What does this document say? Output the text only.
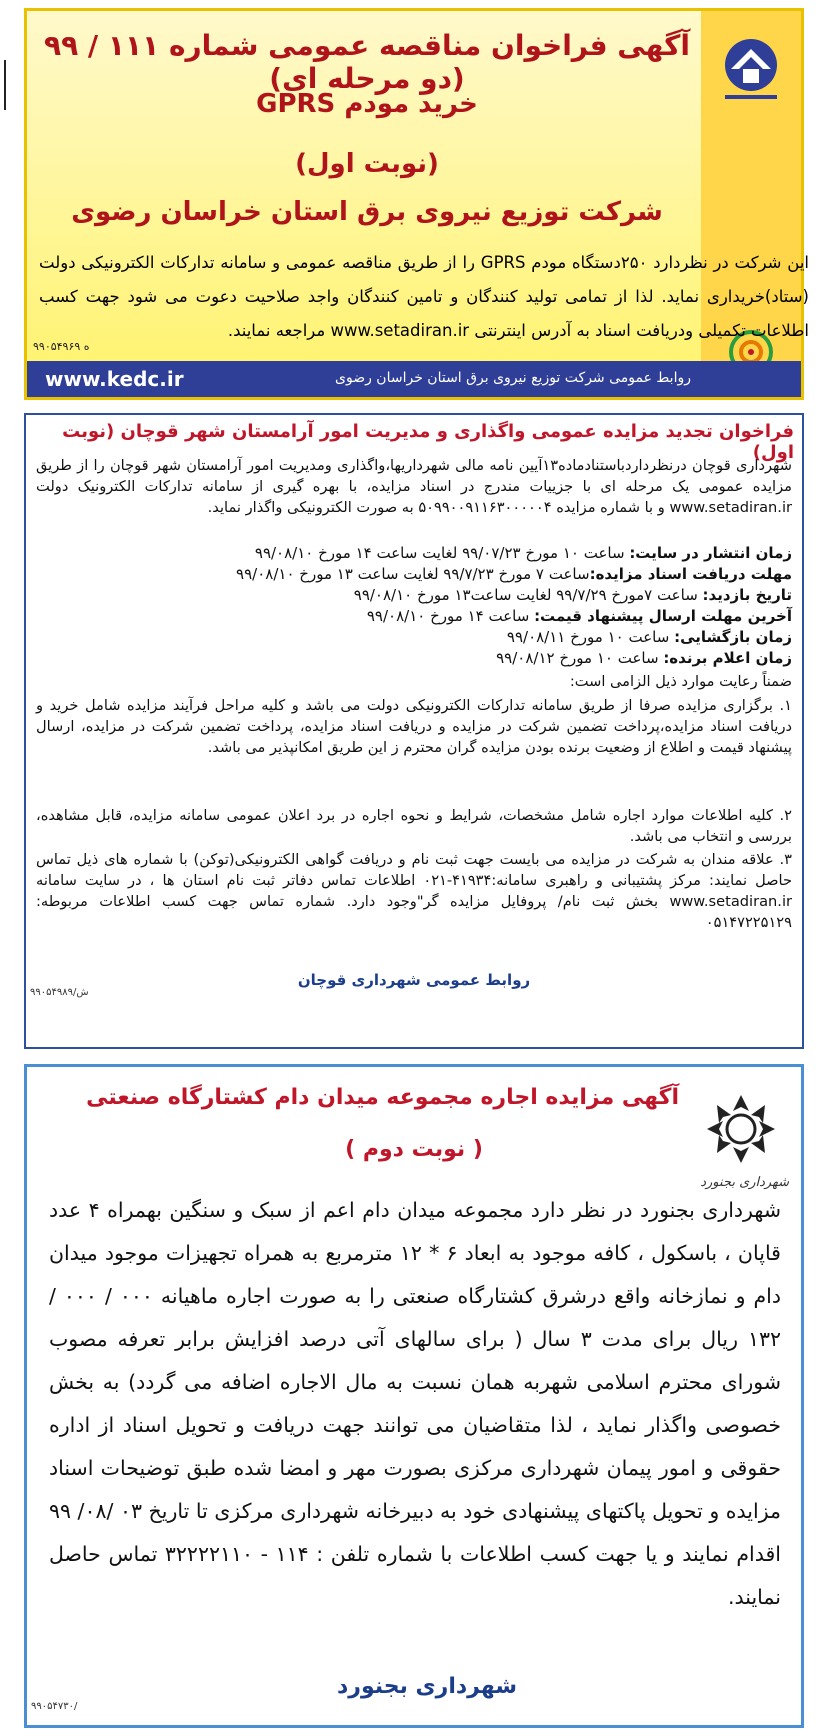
آگهی فراخوان مناقصه عمومی شماره ۱۱۱ / ۹۹ (دو مرحله ای)
خرید مودم GPRS
(نوبت اول)
شرکت توزیع نیروی برق استان خراسان رضوی
این شرکت در نظردارد ۲۵۰دستگاه مودم GPRS را از طریق مناقصه عمومی و سامانه تدارکات الکترونیکی دولت (ستاد)خریداری نماید. لذا از تمامی تولید کنندگان و تامین کنندگان واجد صلاحیت دعوت می شود جهت کسب اطلاعات تکمیلی ودریافت اسناد به آدرس اینترنتی www.setadiran.ir مراجعه نمایند.
۹۹۰۵۴۹۶۹ ه
www.kedc.ir	روابط عمومی شرکت توزیع نیروی برق استان خراسان رضوی
فراخوان تجدید مزایده عمومی واگذاری و مدیریت امور آرامستان شهر قوچان (نوبت اول)
شهرداری قوچان درنظرداردباستنادماده۱۳آیین نامه مالی شهرداریها،واگذاری ومدیریت امور آرامستان شهر قوچان را از طریق مزایده عمومی یک مرحله ای با جزییات مندرج در اسناد مزایده، با بهره گیری از سامانه تدارکات الکترونیک دولت www.setadiran.ir و با شماره مزایده ۵۰۹۹۰۰۹۱۱۶۳۰۰۰۰۰۴ به صورت الکترونیکی واگذار نماید.
زمان انتشار در سایت: ساعت ۱۰ مورخ ۹۹/۰۷/۲۳ لغایت ساعت ۱۴ مورخ ۹۹/۰۸/۱۰
مهلت دریافت اسناد مزایده:ساعت ۷ مورخ ۹۹/۷/۲۳ لغایت ساعت ۱۳ مورخ ۹۹/۰۸/۱۰
تاریخ بازدید: ساعت ۷مورخ ۹۹/۷/۲۹ لغایت ساعت۱۳ مورخ ۹۹/۰۸/۱۰
آخرین مهلت ارسال پیشنهاد قیمت: ساعت ۱۴ مورخ ۹۹/۰۸/۱۰
زمان بازگشایی: ساعت ۱۰ مورخ ۹۹/۰۸/۱۱
زمان اعلام برنده: ساعت ۱۰ مورخ ۹۹/۰۸/۱۲
ضمناً رعایت موارد ذیل الزامی است:
۱. برگزاری مزایده صرفا از طریق سامانه تدارکات الکترونیکی دولت می باشد و کلیه مراحل فرآیند مزایده شامل خرید و دریافت اسناد مزایده،پرداخت تضمین شرکت در مزایده و دریافت اسناد مزایده، پرداخت تضمین شرکت در مزایده، ارسال پیشنهاد قیمت و اطلاع از وضعیت برنده بودن مزایده گران محترم ز این طریق امکانپذیر می باشد.
۲. کلیه اطلاعات موارد اجاره شامل مشخصات، شرایط و نحوه اجاره در برد اعلان عمومی سامانه مزایده، قابل مشاهده، بررسی و انتخاب می باشد.
۳. علاقه مندان به شرکت در مزایده می بایست جهت ثبت نام و دریافت گواهی الکترونیکی(توکن) با شماره های ذیل تماس حاصل نمایند: مرکز پشتیبانی و راهبری سامانه:۴۱۹۳۴-۰۲۱ اطلاعات تماس دفاتر ثبت نام استان ها ، در سایت سامانه www.setadiran.ir بخش ثبت نام/ پروفایل مزایده گر"وجود دارد. شماره تماس جهت کسب اطلاعات مربوطه: ۰۵۱۴۷۲۲۵۱۲۹
روابط عمومی شهرداری قوچان
۹۹۰۵۴۹۸۹/ش
شهرداری بجنورد
آگهی مزایده اجاره مجموعه میدان دام کشتارگاه صنعتی
( نوبت دوم )
شهرداری بجنورد در نظر دارد مجموعه میدان دام اعم از سبک و سنگین بهمراه ۴ عدد قاپان ، باسکول ، کافه موجود به ابعاد ۶ * ۱۲ مترمربع به همراه تجهیزات موجود میدان دام و نمازخانه واقع درشرق کشتارگاه صنعتی را به صورت اجاره ماهیانه ۰۰۰ / ۰۰۰ / ۱۳۲ ریال برای مدت ۳ سال ( برای سالهای آتی درصد افزایش برابر تعرفه مصوب شورای محترم اسلامی شهربه همان نسبت به مال الاجاره اضافه می گردد) به بخش خصوصی واگذار نماید ، لذا متقاضیان می توانند جهت دریافت و تحویل اسناد از اداره حقوقی و امور پیمان شهرداری مرکزی بصورت مهر و امضا شده طبق توضیحات اسناد مزایده و تحویل پاکتهای پیشنهادی خود به دبیرخانه شهرداری مرکزی تا تاریخ ۰۳ /۰۸/ ۹۹ اقدام نمایند و یا جهت کسب اطلاعات با شماره تلفن : ۱۱۴ - ۳۲۲۲۲۱۱۰ تماس حاصل نمایند.
شهرداری بجنورد
۹۹۰۵۴۷۳۰/
